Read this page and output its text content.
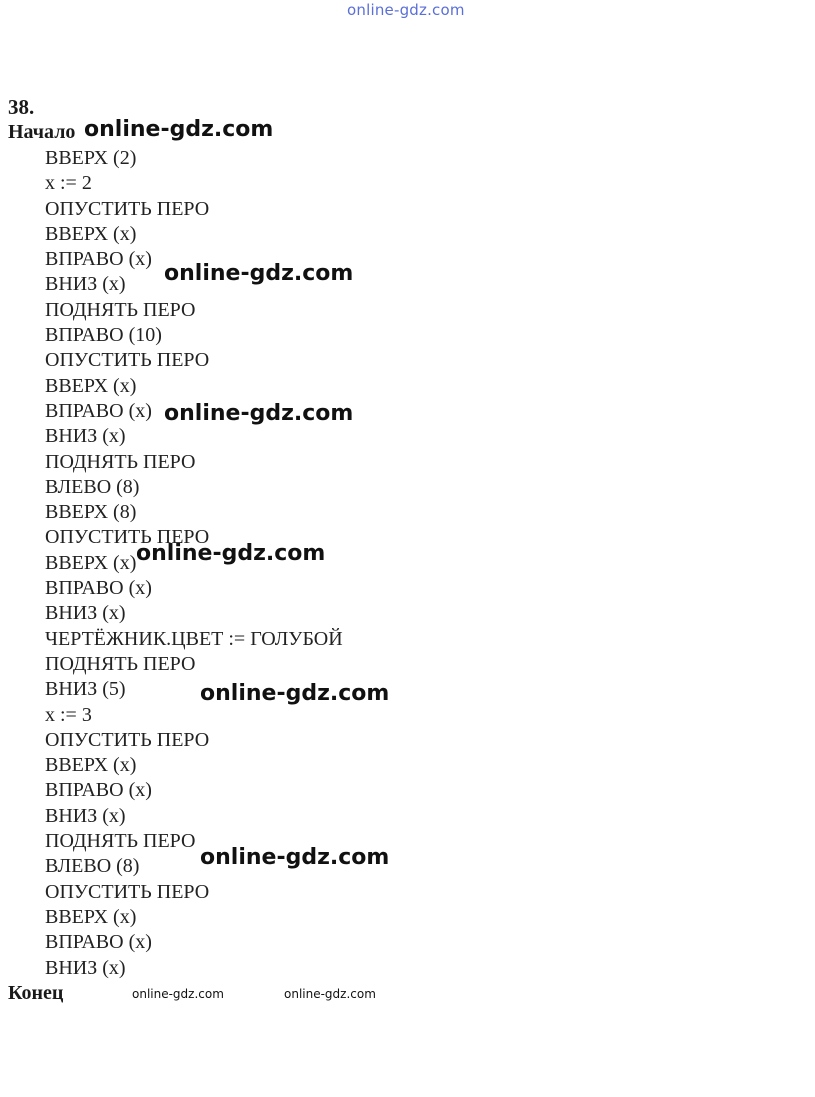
online-gdz.com
38.
Начало
ВВЕРХ (2)
x := 2
ОПУСТИТЬ ПЕРО
ВВЕРХ (x)
ВПРАВО (x)
ВНИЗ (x)
ПОДНЯТЬ ПЕРО
ВПРАВО (10)
ОПУСТИТЬ ПЕРО
ВВЕРХ (x)
ВПРАВО (x)
ВНИЗ (x)
ПОДНЯТЬ ПЕРО
ВЛЕВО (8)
ВВЕРХ (8)
ОПУСТИТЬ ПЕРО
ВВЕРХ (x)
ВПРАВО (x)
ВНИЗ (x)
ЧЕРТЁЖНИК.ЦВЕТ := ГОЛУБОЙ
ПОДНЯТЬ ПЕРО
ВНИЗ (5)
x := 3
ОПУСТИТЬ ПЕРО
ВВЕРХ (x)
ВПРАВО (x)
ВНИЗ (x)
ПОДНЯТЬ ПЕРО
ВЛЕВО (8)
ОПУСТИТЬ ПЕРО
ВВЕРХ (x)
ВПРАВО (x)
ВНИЗ (x)
Конец
online-gdz.com
online-gdz.com
online-gdz.com
online-gdz.com
online-gdz.com
online-gdz.com
online-gdz.com	online-gdz.com
